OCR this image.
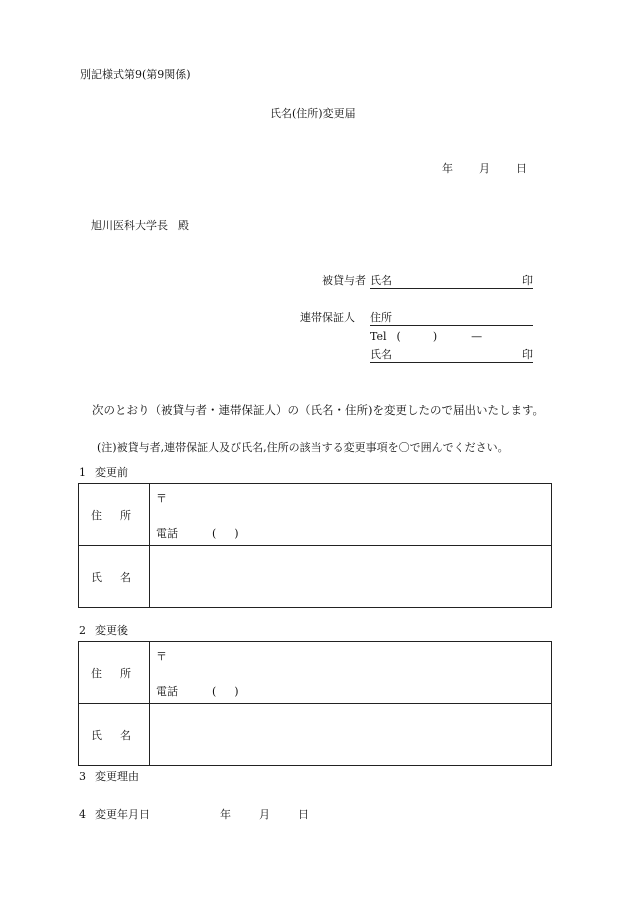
別記様式第9(第9関係)
氏名(住所)変更届
年 月 日
旭川医科大学長 殿
被貸与者 氏名	印
連帯保証人 住所
Tel (	)	—
氏名	印
次のとおり（被貸与者・連帯保証人）の（氏名・住所)を変更したので届出いたします。
(注)被貸与者,連帯保証人及び氏名,住所の該当する変更事項を〇で囲んでください。
1 変更前
住 所	〒
電話 ( )

氏 名	

2 変更後
住 所	〒
電話 ( )

氏 名	

3 変更理由
4 変更年月日	年	月	日
